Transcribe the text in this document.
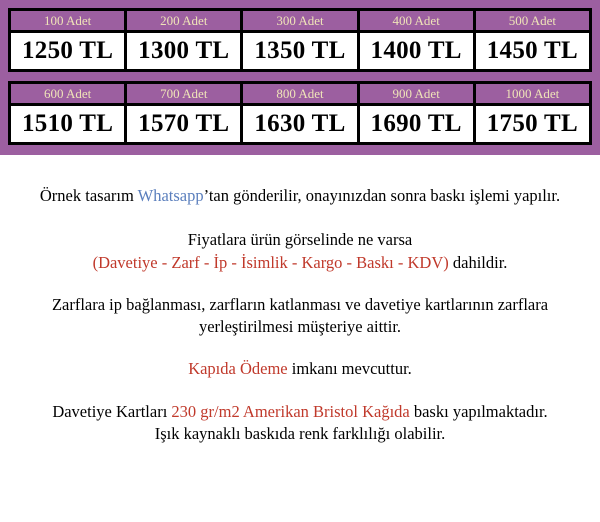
100 Adet	200 Adet	300 Adet	400 Adet	500 Adet
1250 TL	1300 TL	1350 TL	1400 TL	1450 TL
600 Adet	700 Adet	800 Adet	900 Adet	1000 Adet
1510 TL	1570 TL	1630 TL	1690 TL	1750 TL

Örnek tasarım Whatsapp’tan gönderilir, onayınızdan sonra baskı işlemi yapılır.

Fiyatlara ürün görselinde ne varsa
(Davetiye - Zarf - İp - İsimlik - Kargo - Baskı - KDV) dahildir.

Zarflara ip bağlanması, zarfların katlanması ve davetiye kartlarının zarflara
yerleştirilmesi müşteriye aittir.

Kapıda Ödeme imkanı mevcuttur.

Davetiye Kartları 230 gr/m2 Amerikan Bristol Kağıda baskı yapılmaktadır.
Işık kaynaklı baskıda renk farklılığı olabilir.
